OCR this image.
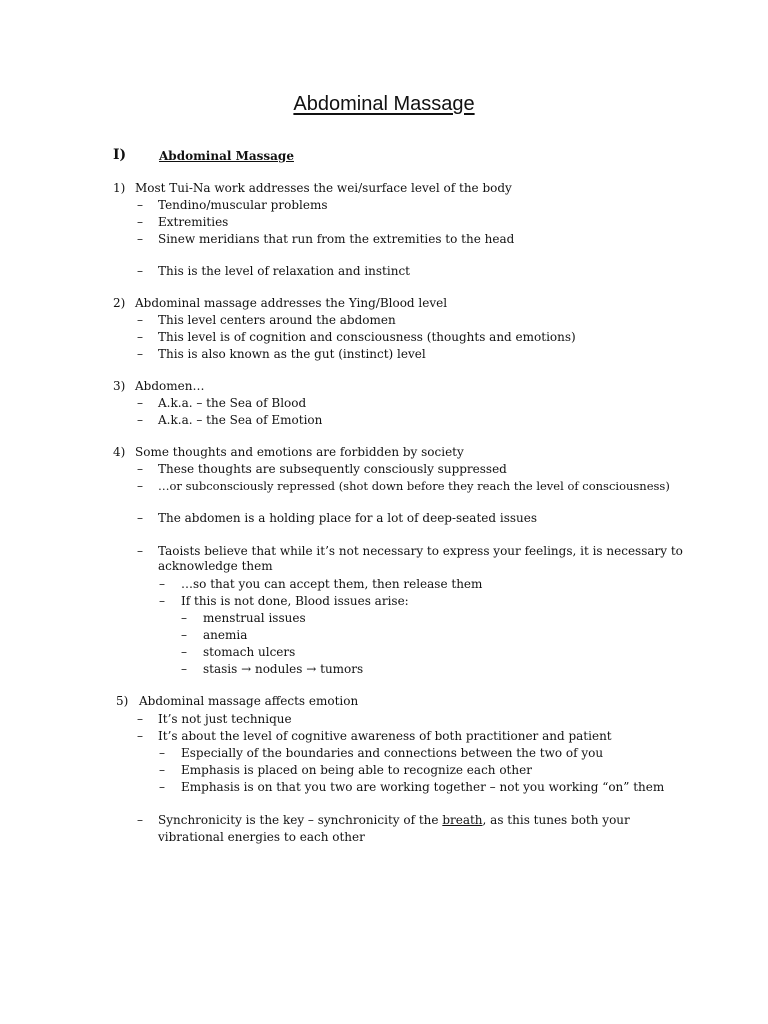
Abdominal Massage
I)	Abdominal Massage
1) Most Tui-Na work addresses the wei/surface level of the body
– Tendino/muscular problems
– Extremities
– Sinew meridians that run from the extremities to the head
– This is the level of relaxation and instinct
2) Abdominal massage addresses the Ying/Blood level
– This level centers around the abdomen
– This level is of cognition and consciousness (thoughts and emotions)
– This is also known as the gut (instinct) level
3) Abdomen…
– A.k.a. – the Sea of Blood
– A.k.a. – the Sea of Emotion
4) Some thoughts and emotions are forbidden by society
– These thoughts are subsequently consciously suppressed
– …or subconsciously repressed (shot down before they reach the level of consciousness)
– The abdomen is a holding place for a lot of deep-seated issues
– Taoists believe that while it’s not necessary to express your feelings, it is necessary to
acknowledge them
– …so that you can accept them, then release them
– If this is not done, Blood issues arise:
– menstrual issues
– anemia
– stomach ulcers
– stasis → nodules → tumors
5) Abdominal massage affects emotion
– It’s not just technique
– It’s about the level of cognitive awareness of both practitioner and patient
– Especially of the boundaries and connections between the two of you
– Emphasis is placed on being able to recognize each other
– Emphasis is on that you two are working together – not you working “on” them
– Synchronicity is the key – synchronicity of the breath, as this tunes both your
vibrational energies to each other
